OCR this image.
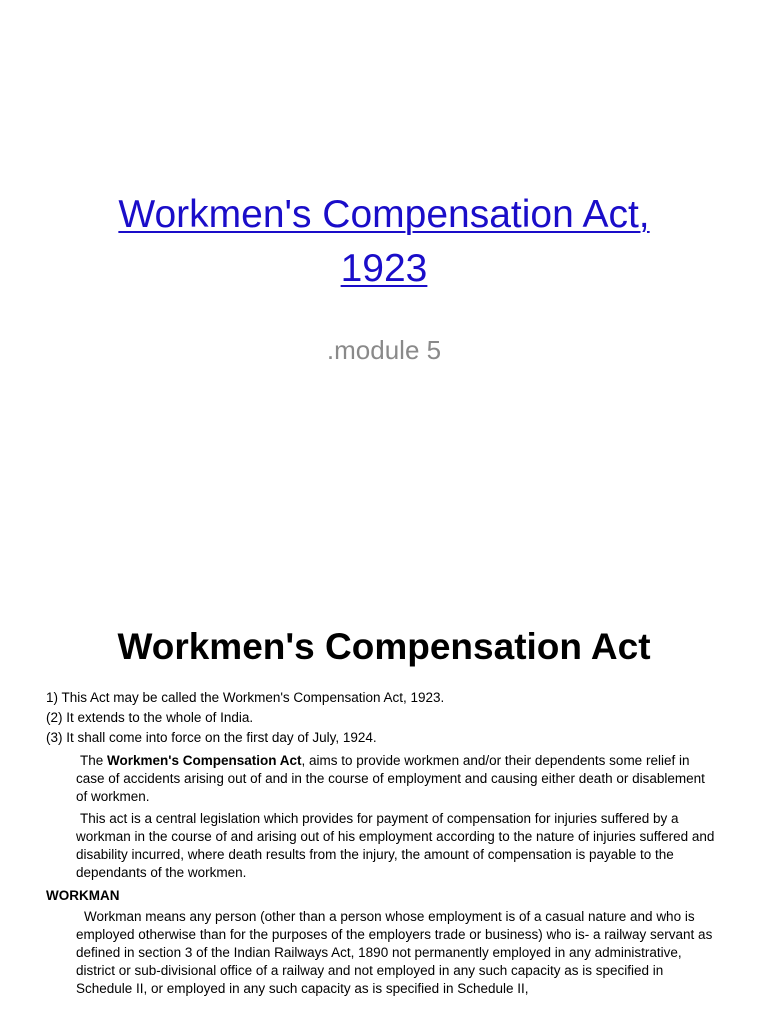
Workmen's Compensation Act,
1923
.module 5
Workmen's Compensation Act

1) This Act may be called the Workmen's Compensation Act, 1923.

(2) It extends to the whole of India.

(3) It shall come into force on the first day of July, 1924.

The Workmen's Compensation Act, aims to provide workmen and/or their dependents some relief in case of accidents arising out of and in the course of employment and causing either death or disablement of workmen.

This act is a central legislation which provides for payment of compensation for injuries suffered by a workman in the course of and arising out of his employment according to the nature of injuries suffered and disability incurred, where death results from the injury, the amount of compensation is payable to the dependants of the workmen.

WORKMAN

Workman means any person (other than a person whose employment is of a casual nature and who is employed otherwise than for the purposes of the employers trade or business) who is- a railway servant as defined in section 3 of the Indian Railways Act, 1890 not permanently employed in any administrative, district or sub-divisional office of a railway and not employed in any such capacity as is specified in Schedule II, or employed in any such capacity as is specified in Schedule II,
